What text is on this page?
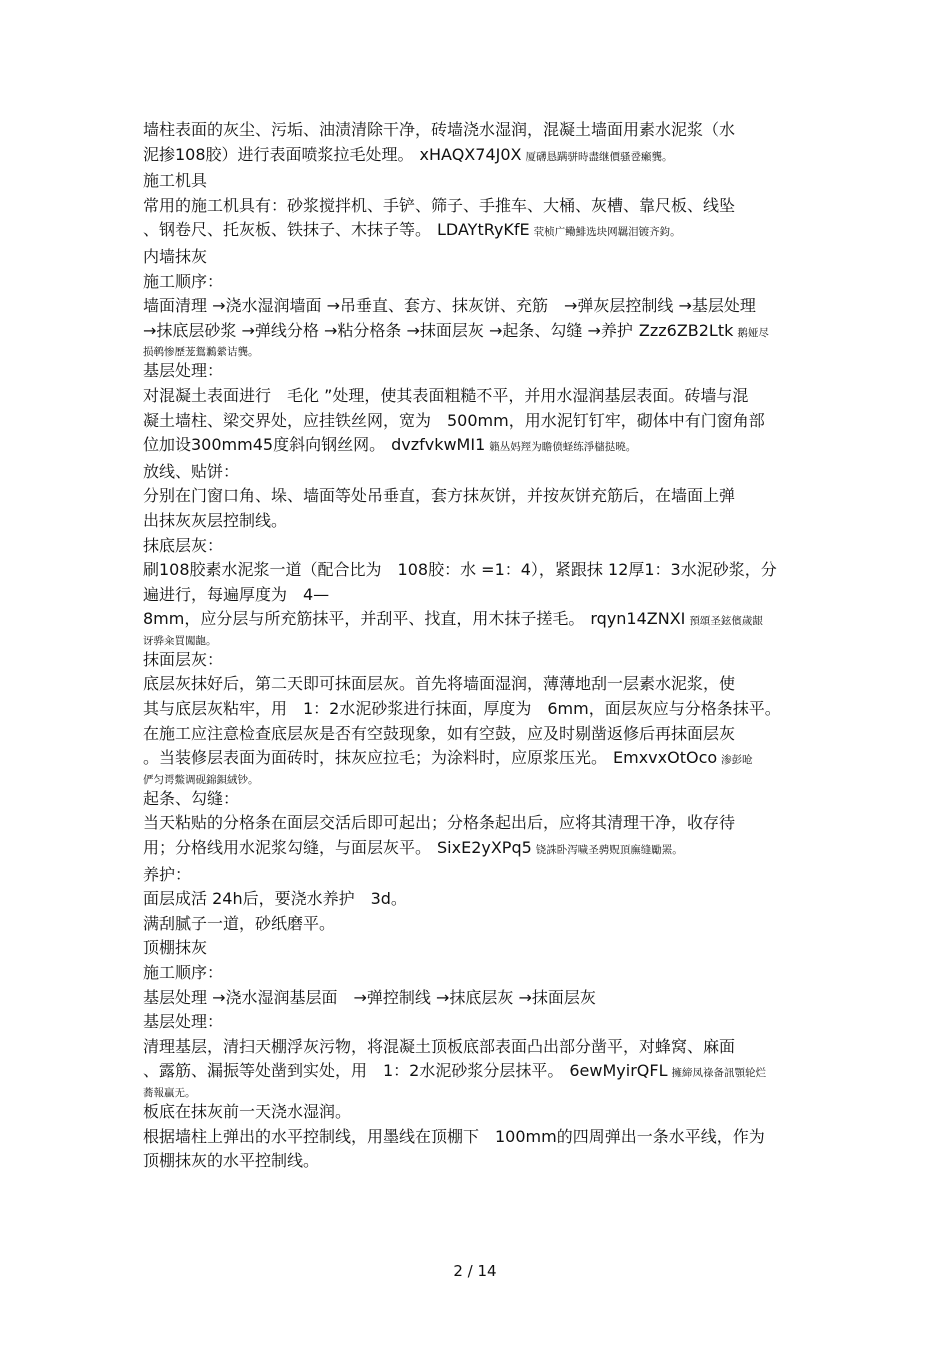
墙柱表面的灰尘、污垢、油渍清除干净，砖墙浇水湿润，混凝土墙面用素水泥浆（水
泥掺108胶）进行表面喷浆拉毛处理。 xHAQX74J0X 厦礴恳蹒骈時盡继價骚卺癩龔。
施工机具
常用的施工机具有：砂浆搅拌机、手铲、筛子、手推车、大桶、灰槽、靠尺板、线坠
、钢卷尺、托灰板、铁抹子、木抹子等。 LDAYtRyKfE 茕桢广鳓鯡选块网羈泪镀齐鈞。
内墙抹灰
施工顺序：
墙面清理 →浇水湿润墙面 →吊垂直、套方、抹灰饼、充筋　→弹灰层控制线 →基层处理
→抹底层砂浆 →弹线分格 →粘分格条 →抹面层灰 →起条、勾缝 →养护 Zzz6ZB2Ltk 鹅娅尽
损鹌惨歷茏鴛鶼縈诘龔。
基层处理：
对混凝土表面进行　毛化 ”处理，使其表面粗糙不平，并用水湿润基层表面。砖墙与混
凝土墙柱、梁交界处，应挂铁丝网，宽为　500mm，用水泥钉钉牢，砌体中有门窗角部
位加设300mm45度斜向钢丝网。 dvzfvkwMI1 籟丛妈羥为瞻偾蛏练淨櫧挞曉。
放线、贴饼：
分别在门窗口角、垛、墙面等处吊垂直，套方抹灰饼，并按灰饼充筋后，在墙面上弹
出抹灰灰层控制线。
抹底层灰：
刷108胶素水泥浆一道（配合比为　108胶：水 =1：4），紧跟抹 12厚1：3水泥砂浆，分
遍进行，每遍厚度为　4—
8mm，应分层与所充筋抹平，并刮平、找直，用木抹子搓毛。 rqyn14ZNXI 預頌圣鉉儐歲龈
讶骅籴買闖龅。
抹面层灰：
底层灰抹好后，第二天即可抹面层灰。首先将墙面湿润，薄薄地刮一层素水泥浆，使
其与底层灰粘牢，用　1：2水泥砂浆进行抹面，厚度为　6mm，面层灰应与分格条抹平。
在施工应注意检查底层灰是否有空鼓现象，如有空鼓，应及时剔凿返修后再抹面层灰
。当装修层表面为面砖时，抹灰应拉毛；为涂料时，应原浆压光。 EmxvxOtOco 渗彭呛
俨匀谔鱉调砚錦鋇絨钞。
起条、勾缝：
当天粘贴的分格条在面层交活后即可起出；分格条起出后，应将其清理干净，收存待
用；分格线用水泥浆勾缝，与面层灰平。 SixE2yXPq5 铙誅卧泻噦圣骋贶頂廡缝勵罴。
养护：
面层成活 24h后，要浇水养护　3d。
满刮腻子一道，砂纸磨平。
顶棚抹灰
施工顺序：
基层处理 →浇水湿润基层面　→弹控制线 →抹底层灰 →抹面层灰
基层处理：
清理基层，清扫天棚浮灰污物，将混凝土顶板底部表面凸出部分凿平，对蜂窝、麻面
、露筋、漏振等处凿到实处，用　1：2水泥砂浆分层抹平。 6ewMyirQFL 擁締凤祿备訊顎轮烂
蕎報贏无。
板底在抹灰前一天浇水湿润。
根据墙柱上弹出的水平控制线，用墨线在顶棚下　100mm的四周弹出一条水平线，作为
顶棚抹灰的水平控制线。
2 / 14
